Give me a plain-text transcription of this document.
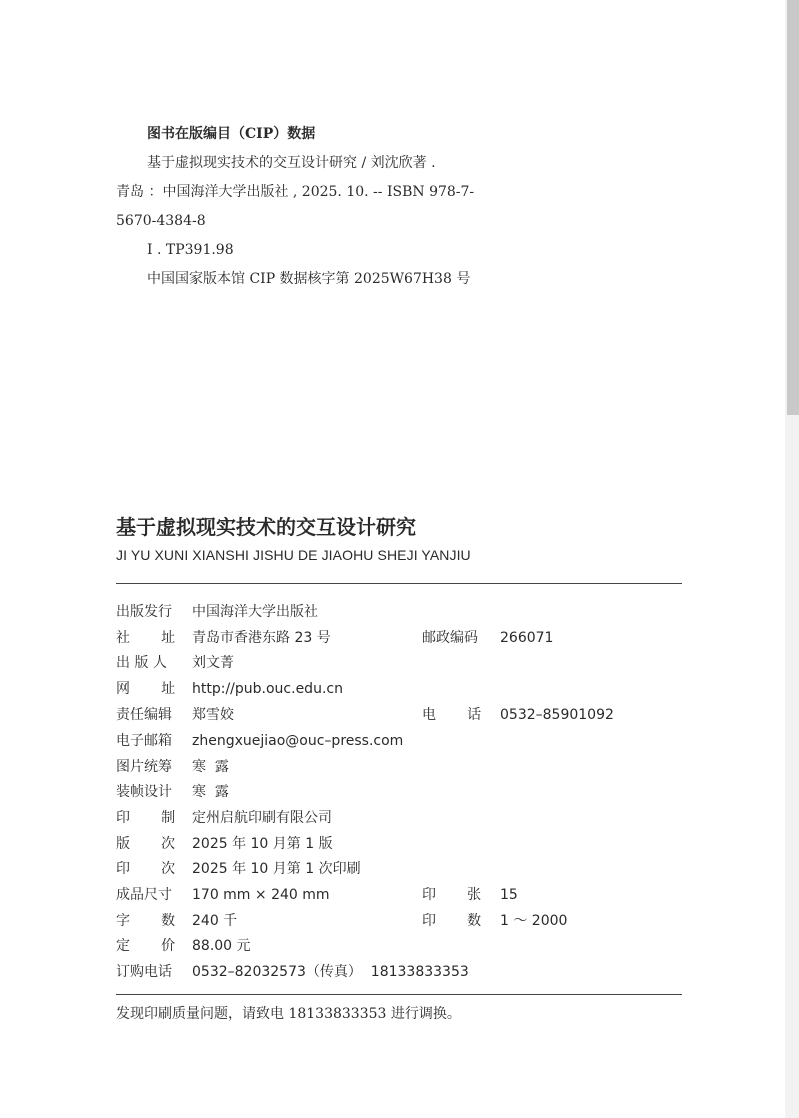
图书在版编目（CIP）数据
基于虚拟现实技术的交互设计研究 / 刘沈欣著 .
青岛 ：中国海洋大学出版社 , 2025. 10. -- ISBN 978-7-
5670-4384-8
Ⅰ . TP391.98
中国国家版本馆 CIP 数据核字第 2025W67H38 号
基于虚拟现实技术的交互设计研究
JI YU XUNI XIANSHI JISHU DE JIAOHU SHEJI YANJIU
出版发行 中国海洋大学出版社
社       址 青岛市香港东路 23 号	邮政编码 266071
出 版 人 刘文菁
网       址 http://pub.ouc.edu.cn
责任编辑 郑雪姣	电       话 0532–85901092
电子邮箱 zhengxuejiao@ouc–press.com
图片统筹 寒  露
装帧设计 寒  露
印       制 定州启航印刷有限公司
版       次 2025 年 10 月第 1 版
印       次 2025 年 10 月第 1 次印刷
成品尺寸 170 mm × 240 mm	印       张 15
字       数 240 千	印       数 1 ～ 2000
定       价 88.00 元
订购电话 0532–82032573（传真）  18133833353
发现印刷质量问题，请致电 18133833353 进行调换。
